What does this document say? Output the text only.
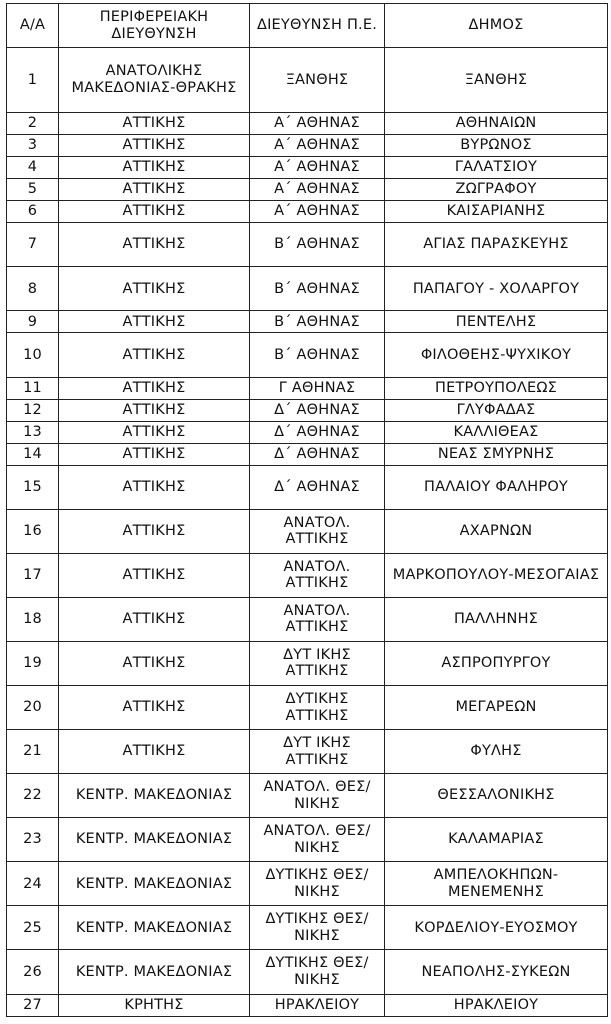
Α/Α	ΠΕΡΙΦΕΡΕΙΑΚΗ ΔΙΕΥΘΥΝΣΗ	ΔΙΕΥΘΥΝΣΗ Π.Ε.	ΔΗΜΟΣ
1	ΑΝΑΤΟΛΙΚΗΣ ΜΑΚΕΔΟΝΙΑΣ-ΘΡΑΚΗΣ	ΞΑΝΘΗΣ	ΞΑΝΘΗΣ
2	ΑΤΤΙΚΗΣ	Α΄ ΑΘΗΝΑΣ	ΑΘΗΝΑΙΩΝ
3	ΑΤΤΙΚΗΣ	Α΄ ΑΘΗΝΑΣ	ΒΥΡΩΝΟΣ
4	ΑΤΤΙΚΗΣ	Α΄ ΑΘΗΝΑΣ	ΓΑΛΑΤΣΙΟΥ
5	ΑΤΤΙΚΗΣ	Α΄ ΑΘΗΝΑΣ	ΖΩΓΡΑΦΟΥ
6	ΑΤΤΙΚΗΣ	Α΄ ΑΘΗΝΑΣ	ΚΑΙΣΑΡΙΑΝΗΣ
7	ΑΤΤΙΚΗΣ	Β΄ ΑΘΗΝΑΣ	ΑΓΙΑΣ ΠΑΡΑΣΚΕΥΗΣ
8	ΑΤΤΙΚΗΣ	Β΄ ΑΘΗΝΑΣ	ΠΑΠΑΓΟΥ - ΧΟΛΑΡΓΟΥ
9	ΑΤΤΙΚΗΣ	Β΄ ΑΘΗΝΑΣ	ΠΕΝΤΕΛΗΣ
10	ΑΤΤΙΚΗΣ	Β΄ ΑΘΗΝΑΣ	ΦΙΛΟΘΕΗΣ-ΨΥΧΙΚΟΥ
11	ΑΤΤΙΚΗΣ	Γ ΑΘΗΝΑΣ	ΠΕΤΡΟΥΠΟΛΕΩΣ
12	ΑΤΤΙΚΗΣ	Δ΄ ΑΘΗΝΑΣ	ΓΛΥΦΑΔΑΣ
13	ΑΤΤΙΚΗΣ	Δ΄ ΑΘΗΝΑΣ	ΚΑΛΛΙΘΕΑΣ
14	ΑΤΤΙΚΗΣ	Δ΄ ΑΘΗΝΑΣ	ΝΕΑΣ ΣΜΥΡΝΗΣ
15	ΑΤΤΙΚΗΣ	Δ΄ ΑΘΗΝΑΣ	ΠΑΛΑΙΟΥ ΦΑΛΗΡΟΥ
16	ΑΤΤΙΚΗΣ	ΑΝΑΤΟΛ. ΑΤΤΙΚΗΣ	ΑΧΑΡΝΩΝ
17	ΑΤΤΙΚΗΣ	ΑΝΑΤΟΛ. ΑΤΤΙΚΗΣ	ΜΑΡΚΟΠΟΥΛΟΥ-ΜΕΣΟΓΑΙΑΣ
18	ΑΤΤΙΚΗΣ	ΑΝΑΤΟΛ. ΑΤΤΙΚΗΣ	ΠΑΛΛΗΝΗΣ
19	ΑΤΤΙΚΗΣ	ΔΥΤ ΙΚΗΣ ΑΤΤΙΚΗΣ	ΑΣΠΡΟΠΥΡΓΟΥ
20	ΑΤΤΙΚΗΣ	ΔΥΤΙΚΗΣ ΑΤΤΙΚΗΣ	ΜΕΓΑΡΕΩΝ
21	ΑΤΤΙΚΗΣ	ΔΥΤ ΙΚΗΣ ΑΤΤΙΚΗΣ	ΦΥΛΗΣ
22	ΚΕΝΤΡ. ΜΑΚΕΔΟΝΙΑΣ	ΑΝΑΤΟΛ. ΘΕΣ/ΝΙΚΗΣ	ΘΕΣΣΑΛΟΝΙΚΗΣ
23	ΚΕΝΤΡ. ΜΑΚΕΔΟΝΙΑΣ	ΑΝΑΤΟΛ. ΘΕΣ/ΝΙΚΗΣ	ΚΑΛΑΜΑΡΙΑΣ
24	ΚΕΝΤΡ. ΜΑΚΕΔΟΝΙΑΣ	ΔΥΤΙΚΗΣ ΘΕΣ/ΝΙΚΗΣ	ΑΜΠΕΛΟΚΗΠΩΝ-ΜΕΝΕΜΕΝΗΣ
25	ΚΕΝΤΡ. ΜΑΚΕΔΟΝΙΑΣ	ΔΥΤΙΚΗΣ ΘΕΣ/ΝΙΚΗΣ	ΚΟΡΔΕΛΙΟΥ-ΕΥΟΣΜΟΥ
26	ΚΕΝΤΡ. ΜΑΚΕΔΟΝΙΑΣ	ΔΥΤΙΚΗΣ ΘΕΣ/ΝΙΚΗΣ	ΝΕΑΠΟΛΗΣ-ΣΥΚΕΩΝ
27	ΚΡΗΤΗΣ	ΗΡΑΚΛΕΙΟΥ	ΗΡΑΚΛΕΙΟΥ
